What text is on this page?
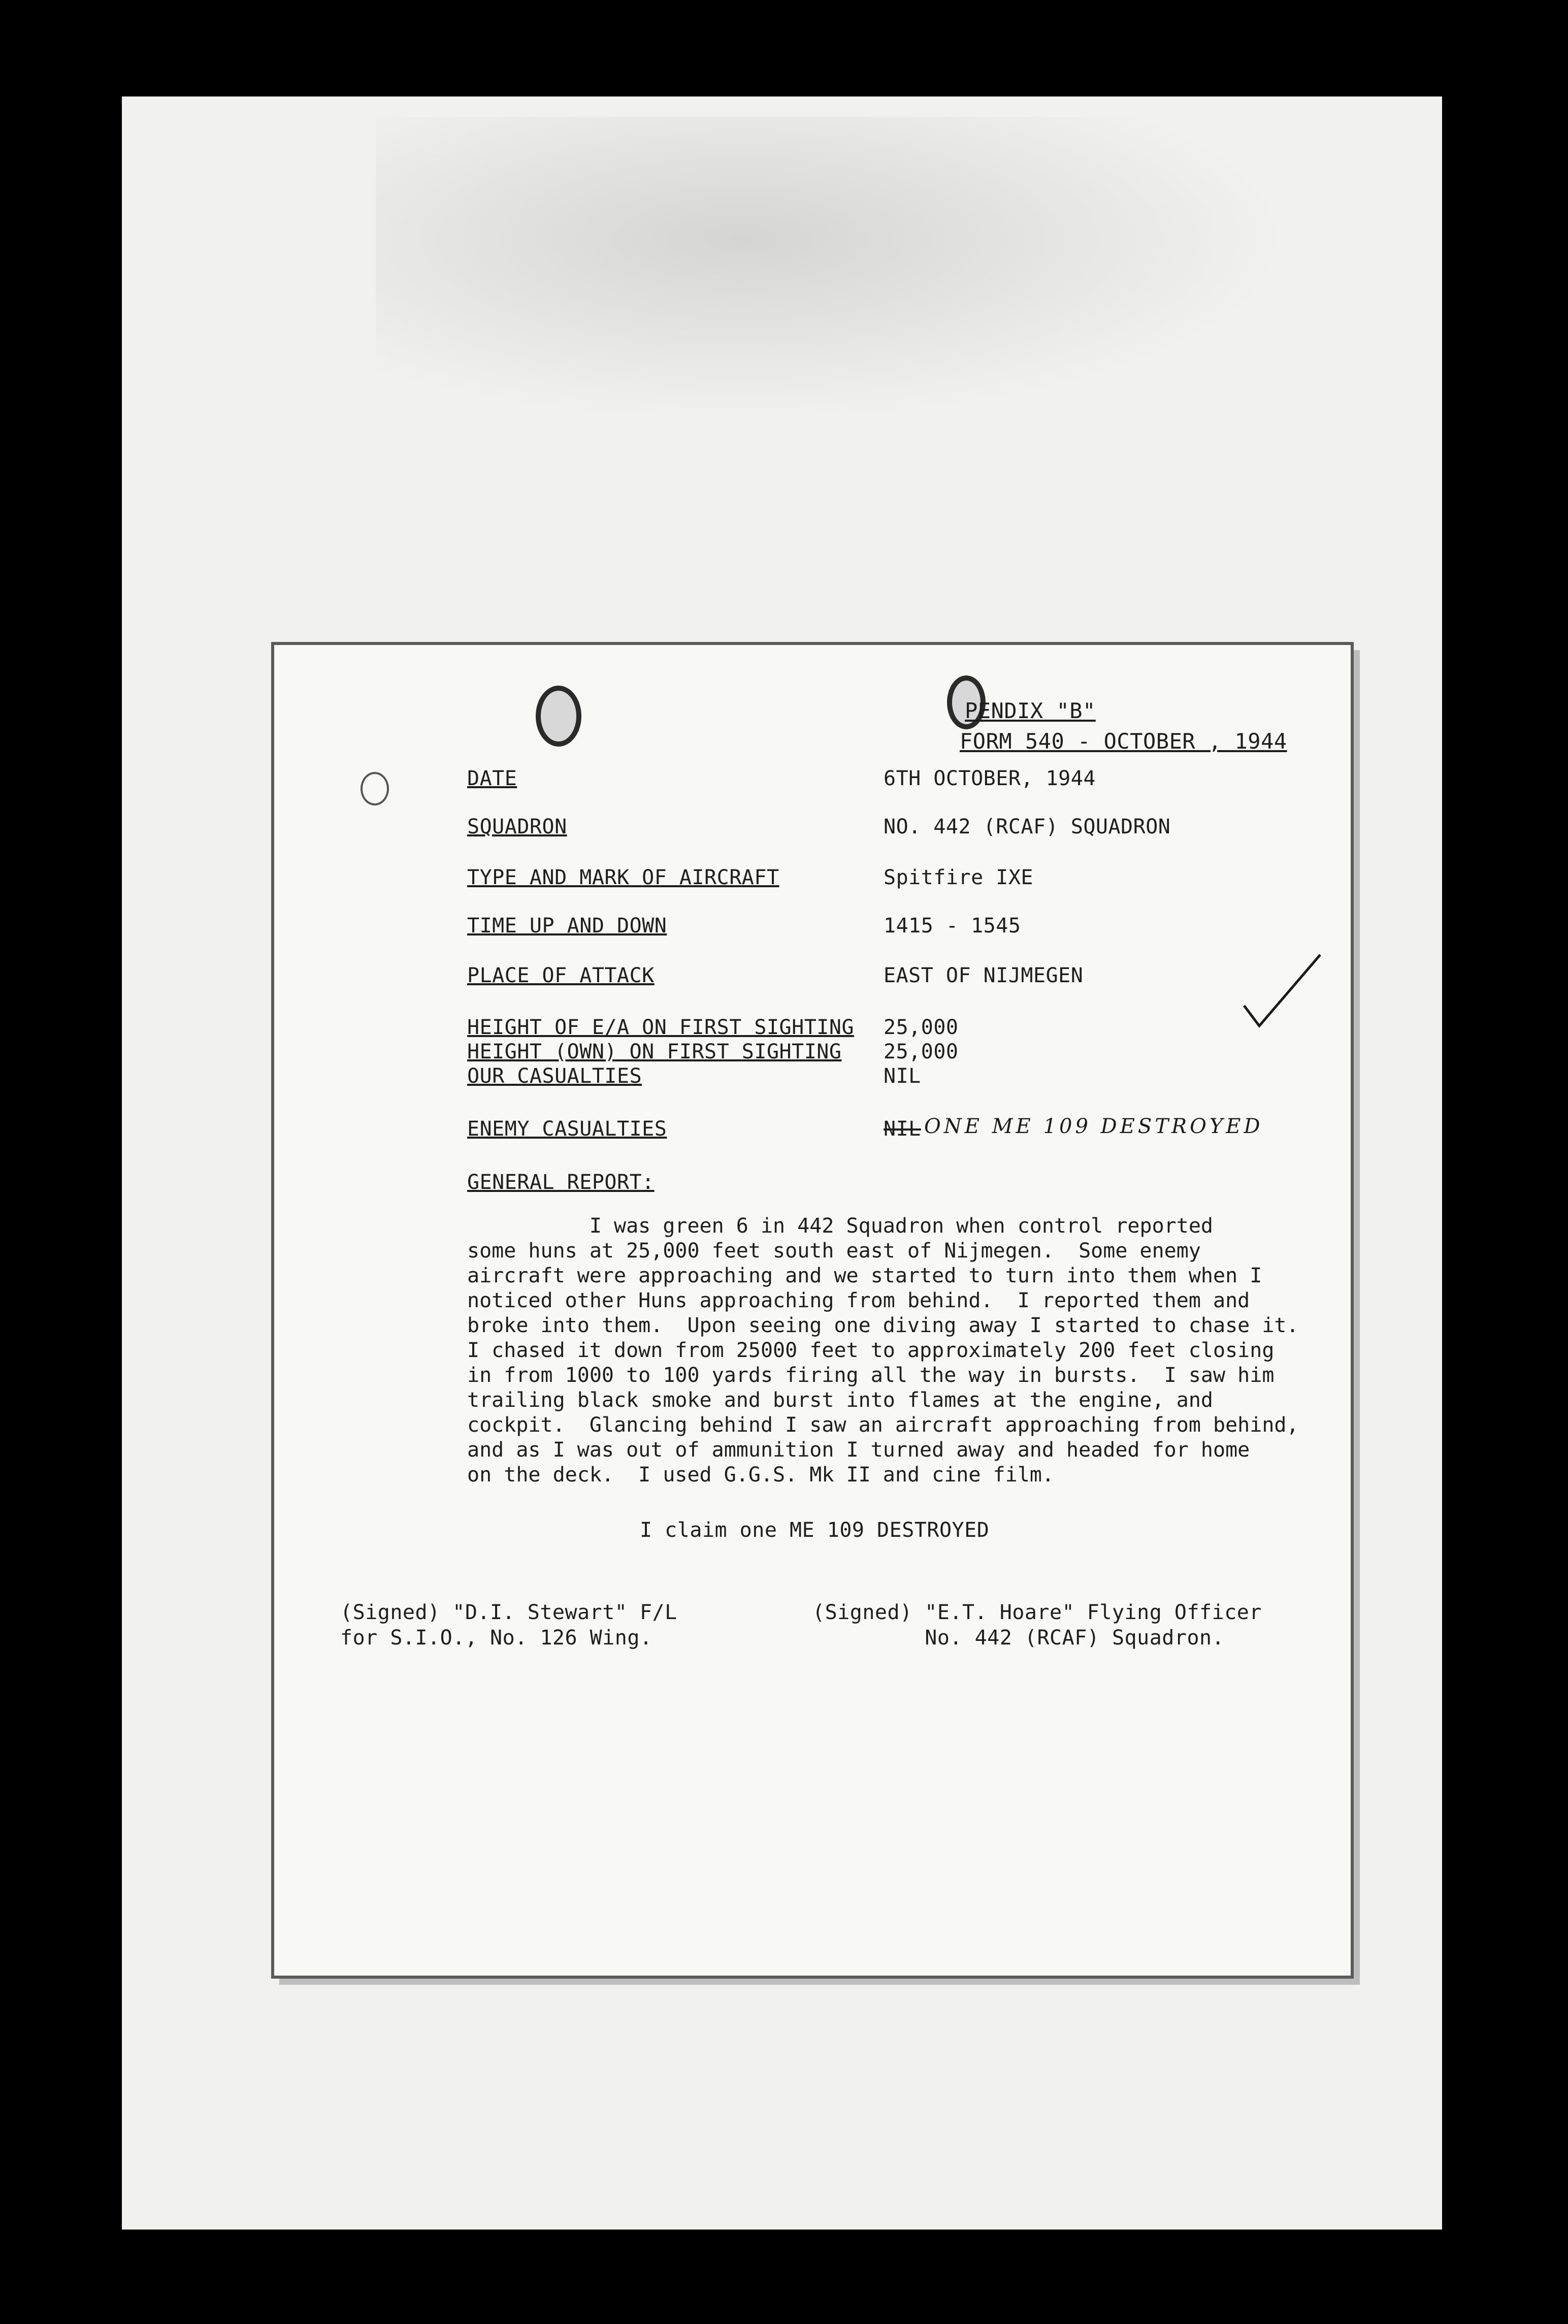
PENDIX "B"
FORM 540 - OCTOBER , 1944
DATE	6TH OCTOBER, 1944
SQUADRON	NO. 442 (RCAF) SQUADRON
TYPE AND MARK OF AIRCRAFT	Spitfire IXE
TIME UP AND DOWN	1415 - 1545
PLACE OF ATTACK	EAST OF NIJMEGEN
HEIGHT OF E/A ON FIRST SIGHTING 25,000
HEIGHT (OWN) ON FIRST SIGHTING 25,000
OUR CASUALTIES	NIL
ENEMY CASUALTIES	NIL ONE ME 109 DESTROYED
GENERAL REPORT:
I was green 6 in 442 Squadron when control reported
some huns at 25,000 feet south east of Nijmegen.  Some enemy
aircraft were approaching and we started to turn into them when I
noticed other Huns approaching from behind.  I reported them and
broke into them.  Upon seeing one diving away I started to chase it.
I chased it down from 25000 feet to approximately 200 feet closing
in from 1000 to 100 yards firing all the way in bursts.  I saw him
trailing black smoke and burst into flames at the engine, and
cockpit.  Glancing behind I saw an aircraft approaching from behind,
and as I was out of ammunition I turned away and headed for home
on the deck.  I used G.G.S. Mk II and cine film.
I claim one ME 109 DESTROYED
(Signed) "D.I. Stewart" F/L
for S.I.O., No. 126 Wing.
(Signed) "E.T. Hoare" Flying Officer
No. 442 (RCAF) Squadron.
